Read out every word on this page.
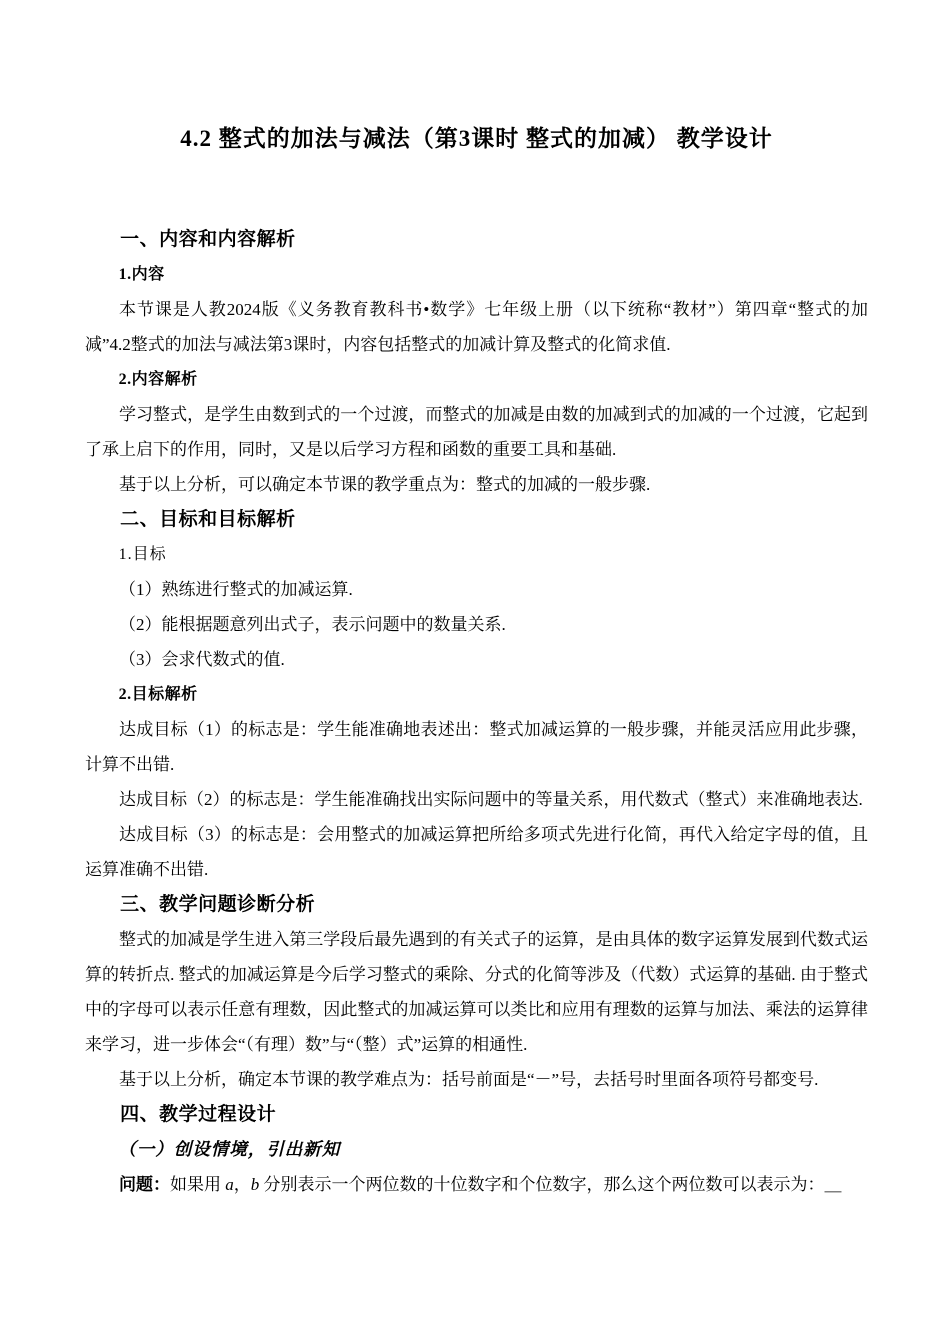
4.2 整式的加法与减法（第3课时 整式的加减） 教学设计
一、内容和内容解析
1.内容
本节课是人教2024版《义务教育教科书•数学》七年级上册（以下统称“教材”）第四章“整式的加减”4.2整式的加法与减法第3课时，内容包括整式的加减计算及整式的化简求值.
2.内容解析
学习整式，是学生由数到式的一个过渡，而整式的加减是由数的加减到式的加减的一个过渡，它起到了承上启下的作用，同时，又是以后学习方程和函数的重要工具和基础.
基于以上分析，可以确定本节课的教学重点为：整式的加减的一般步骤.
二、目标和目标解析
1.目标
（1）熟练进行整式的加减运算.
（2）能根据题意列出式子，表示问题中的数量关系.
（3）会求代数式的值.
2.目标解析
达成目标（1）的标志是：学生能准确地表述出：整式加减运算的一般步骤，并能灵活应用此步骤，计算不出错.
达成目标（2）的标志是：学生能准确找出实际问题中的等量关系，用代数式（整式）来准确地表达.
达成目标（3）的标志是：会用整式的加减运算把所给多项式先进行化简，再代入给定字母的值，且运算准确不出错.
三、教学问题诊断分析
整式的加减是学生进入第三学段后最先遇到的有关式子的运算，是由具体的数字运算发展到代数式运算的转折点. 整式的加减运算是今后学习整式的乘除、分式的化简等涉及（代数）式运算的基础. 由于整式中的字母可以表示任意有理数，因此整式的加减运算可以类比和应用有理数的运算与加法、乘法的运算律来学习，进一步体会“（有理）数”与“（整）式”运算的相通性.
基于以上分析，确定本节课的教学难点为：括号前面是“－”号，去括号时里面各项符号都变号.
四、教学过程设计
（一）创设情境，引出新知
问题：如果用 a，b 分别表示一个两位数的十位数字和个位数字，那么这个两位数可以表示为：＿
